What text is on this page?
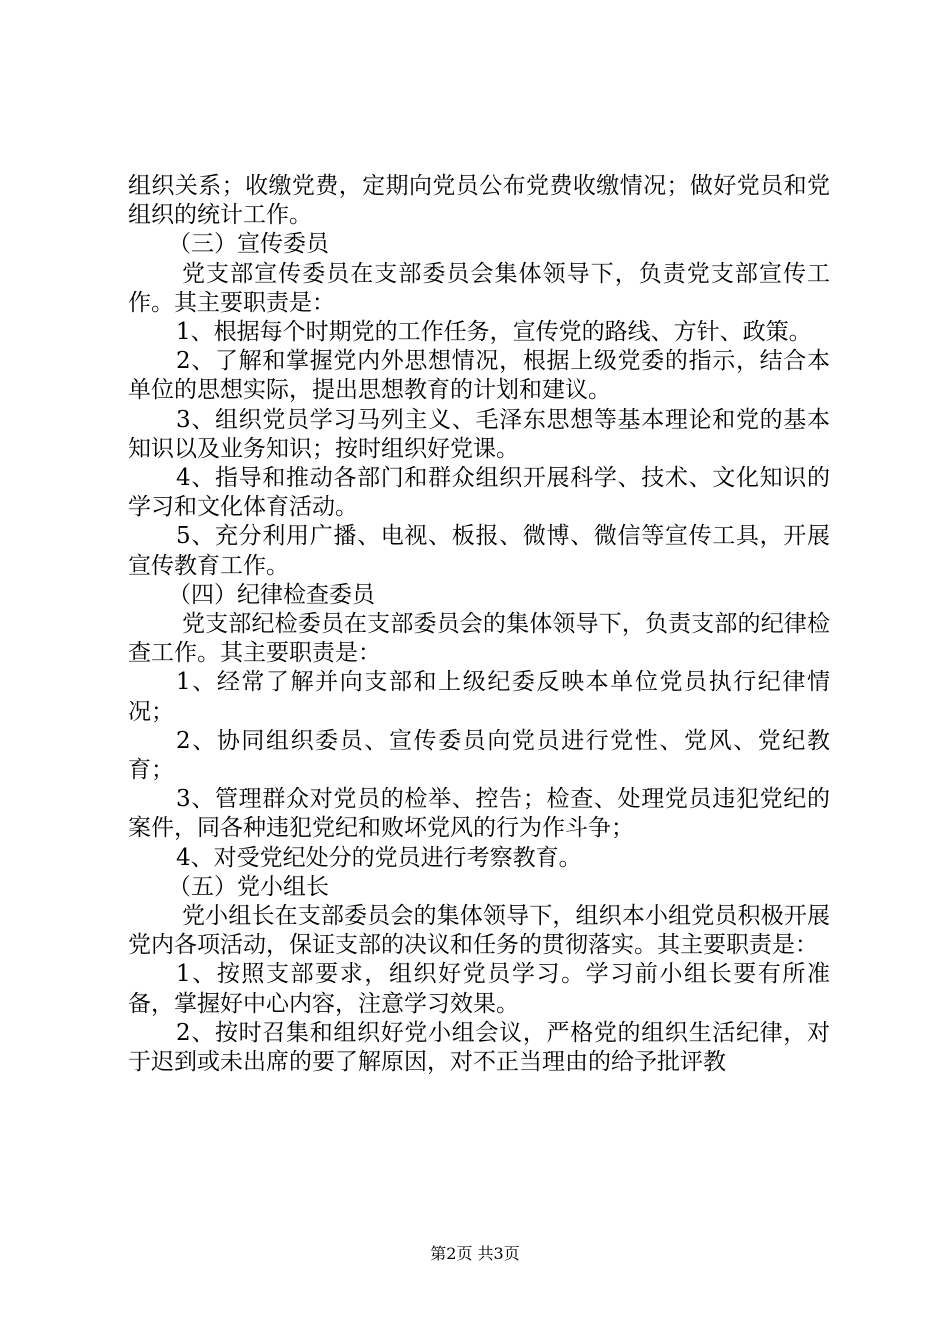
组织关系；收缴党费，定期向党员公布党费收缴情况；做好党员和党组织的统计工作。

（三）宣传委员

党支部宣传委员在支部委员会集体领导下，负责党支部宣传工作。其主要职责是：

1、根据每个时期党的工作任务，宣传党的路线、方针、政策。

2、了解和掌握党内外思想情况，根据上级党委的指示，结合本单位的思想实际，提出思想教育的计划和建议。

3、组织党员学习马列主义、毛泽东思想等基本理论和党的基本知识以及业务知识；按时组织好党课。

4、指导和推动各部门和群众组织开展科学、技术、文化知识的学习和文化体育活动。

5、充分利用广播、电视、板报、微博、微信等宣传工具，开展宣传教育工作。

（四）纪律检查委员

党支部纪检委员在支部委员会的集体领导下，负责支部的纪律检查工作。其主要职责是：

1、经常了解并向支部和上级纪委反映本单位党员执行纪律情况；

2、协同组织委员、宣传委员向党员进行党性、党风、党纪教育；

3、管理群众对党员的检举、控告；检查、处理党员违犯党纪的案件，同各种违犯党纪和败坏党风的行为作斗争；

4、对受党纪处分的党员进行考察教育。

（五）党小组长

党小组长在支部委员会的集体领导下，组织本小组党员积极开展党内各项活动，保证支部的决议和任务的贯彻落实。其主要职责是：

1、按照支部要求，组织好党员学习。学习前小组长要有所准备，掌握好中心内容，注意学习效果。

2、按时召集和组织好党小组会议，严格党的组织生活纪律，对于迟到或未出席的要了解原因，对不正当理由的给予批评教

第2页 共3页
